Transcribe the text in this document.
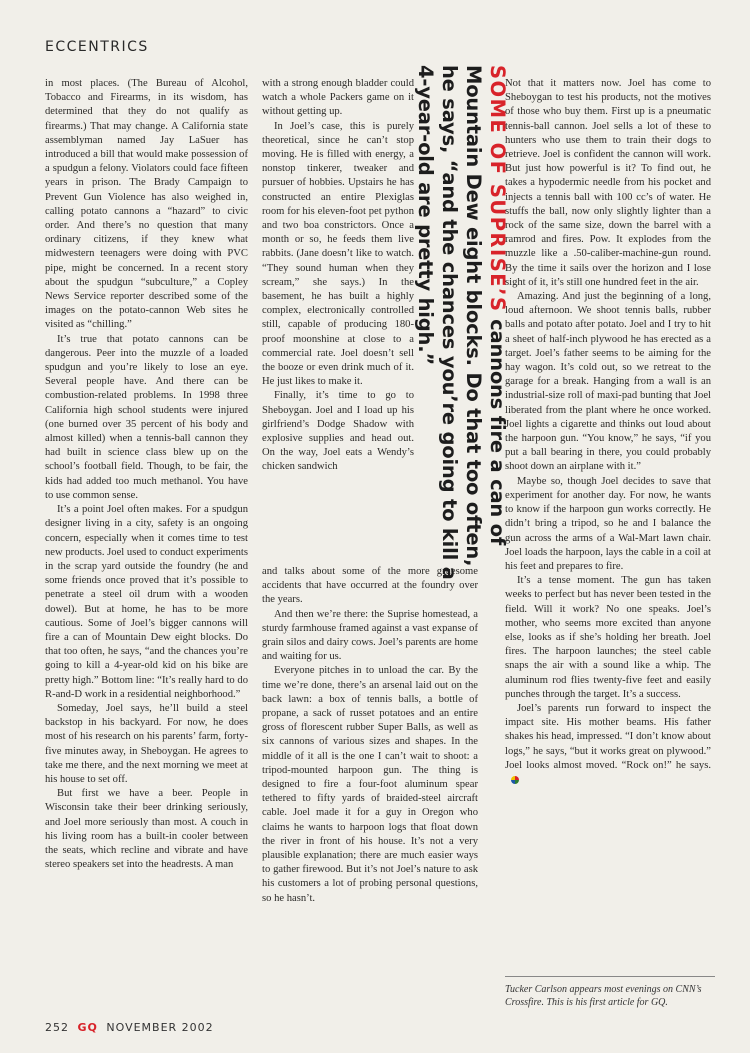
ECCENTRICS

in most places. (The Bureau of Alcohol, Tobacco and Firearms, in its wisdom, has determined that they do not qualify as firearms.) That may change. A California state assemblyman named Jay LaSuer has introduced a bill that would make possession of a spudgun a felony. Violators could face fifteen years in prison. The Brady Campaign to Prevent Gun Violence has also weighed in, calling potato cannons a “hazard” to civic order. And there’s no question that many ordinary citizens, if they knew what midwestern teenagers were doing with PVC pipe, might be concerned. In a recent story about the spudgun “subculture,” a Copley News Service reporter described some of the images on the potato-cannon Web sites he visited as “chilling.”

It’s true that potato cannons can be dangerous. Peer into the muzzle of a loaded spudgun and you’re likely to lose an eye. Several people have. And there can be combustion-related problems. In 1998 three California high school students were injured (one burned over 35 percent of his body and almost killed) when a tennis-ball cannon they had built in science class blew up on the school’s football field. Though, to be fair, the kids had added too much methanol. You have to use common sense.

It’s a point Joel often makes. For a spudgun designer living in a city, safety is an ongoing concern, especially when it comes time to test new products. Joel used to conduct experiments in the scrap yard outside the foundry (he and some friends once proved that it’s possible to penetrate a steel oil drum with a wooden dowel). But at home, he has to be more cautious. Some of Joel’s bigger cannons will fire a can of Mountain Dew eight blocks. Do that too often, he says, “and the chances you’re going to kill a 4-year-old kid on his bike are pretty high.” Bottom line: “It’s really hard to do R-and-D work in a residential neighborhood.”

Someday, Joel says, he’ll build a steel backstop in his backyard. For now, he does most of his research on his parents’ farm, forty-five minutes away, in Sheboygan. He agrees to take me there, and the next morning we meet at his house to set off.

But first we have a beer. People in Wisconsin take their beer drinking seriously, and Joel more seriously than most. A couch in his living room has a built-in cooler between the seats, which recline and vibrate and have stereo speakers set into the headrests. A man

with a strong enough bladder could watch a whole Packers game on it without getting up.

In Joel’s case, this is purely theoretical, since he can’t stop moving. He is filled with energy, a nonstop tinkerer, tweaker and pursuer of hobbies. Upstairs he has constructed an entire Plexiglas room for his eleven-foot pet python and two boa constrictors. Once a month or so, he feeds them live rabbits. (Jane doesn’t like to watch. “They sound human when they scream,” she says.) In the basement, he has built a highly complex, electronically controlled still, capable of producing 180-proof moonshine at close to a commercial rate. Joel doesn’t sell the booze or even drink much of it. He just likes to make it.

Finally, it’s time to go to Sheboygan. Joel and I load up his girlfriend’s Dodge Shadow with explosive supplies and head out. On the way, Joel eats a Wendy’s chicken sandwich

and talks about some of the more gruesome accidents that have occurred at the foundry over the years.

And then we’re there: the Suprise homestead, a sturdy farmhouse framed against a vast expanse of grain silos and dairy cows. Joel’s parents are home and waiting for us.

Everyone pitches in to unload the car. By the time we’re done, there’s an arsenal laid out on the back lawn: a box of tennis balls, a bottle of propane, a sack of russet potatoes and an entire gross of florescent rubber Super Balls, as well as six cannons of various sizes and shapes. In the middle of it all is the one I can’t wait to shoot: a tripod-mounted harpoon gun. The thing is designed to fire a four-foot aluminum spear tethered to fifty yards of braided-steel aircraft cable. Joel made it for a guy in Oregon who claims he wants to harpoon logs that float down the river in front of his house. It’s not a very plausible explanation; there are much easier ways to gather firewood. But it’s not Joel’s nature to ask his customers a lot of probing personal questions, so he hasn’t.

SOME OF SUPRISE’S cannons fire a can of Mountain Dew eight blocks. Do that too often, he says, “and the chances you’re going to kill a 4-year-old are pretty high.”	Not that it matters now. Joel has come to Sheboygan to test his products, not the motives of those who buy them. First up is a pneumatic tennis-ball cannon. Joel sells a lot of these to hunters who use them to train their dogs to retrieve. Joel is confident the cannon will work. But just how powerful is it? To find out, he takes a hypodermic needle from his pocket and injects a tennis ball with 100 cc’s of water. He stuffs the ball, now only slightly lighter than a rock of the same size, down the barrel with a ramrod and fires. Pow. It explodes from the muzzle like a .50-caliber-machine-gun round. By the time it sails over the horizon and I lose sight of it, it’s still one hundred feet in the air.

Amazing. And just the beginning of a long, loud afternoon. We shoot tennis balls, rubber balls and potato after potato. Joel and I try to hit a sheet of half-inch plywood he has erected as a target. Joel’s father seems to be aiming for the hay wagon. It’s cold out, so we retreat to the garage for a break. Hanging from a wall is an industrial-size roll of maxi-pad bunting that Joel liberated from the plant where he once worked. Joel lights a cigarette and thinks out loud about the harpoon gun. “You know,” he says, “if you put a ball bearing in there, you could probably shoot down an airplane with it.”

Maybe so, though Joel decides to save that experiment for another day. For now, he wants to know if the harpoon gun works correctly. He didn’t bring a tripod, so he and I balance the gun across the arms of a Wal-Mart lawn chair. Joel loads the harpoon, lays the cable in a coil at his feet and prepares to fire.

It’s a tense moment. The gun has taken weeks to perfect but has never been tested in the field. Will it work? No one speaks. Joel’s mother, who seems more excited than anyone else, looks as if she’s holding her breath. Joel fires. The harpoon launches; the steel cable snaps the air with a sound like a whip. The aluminum rod flies twenty-five feet and easily punches through the target. It’s a success.

Joel’s parents run forward to inspect the impact site. His mother beams. His father shakes his head, impressed. “I don’t know about logs,” he says, “but it works great on plywood.” Joel looks almost moved. “Rock on!” he says.

Tucker Carlson appears most evenings on CNN’s Crossfire. This is his first article for GQ.
252 GQ NOVEMBER 2002
